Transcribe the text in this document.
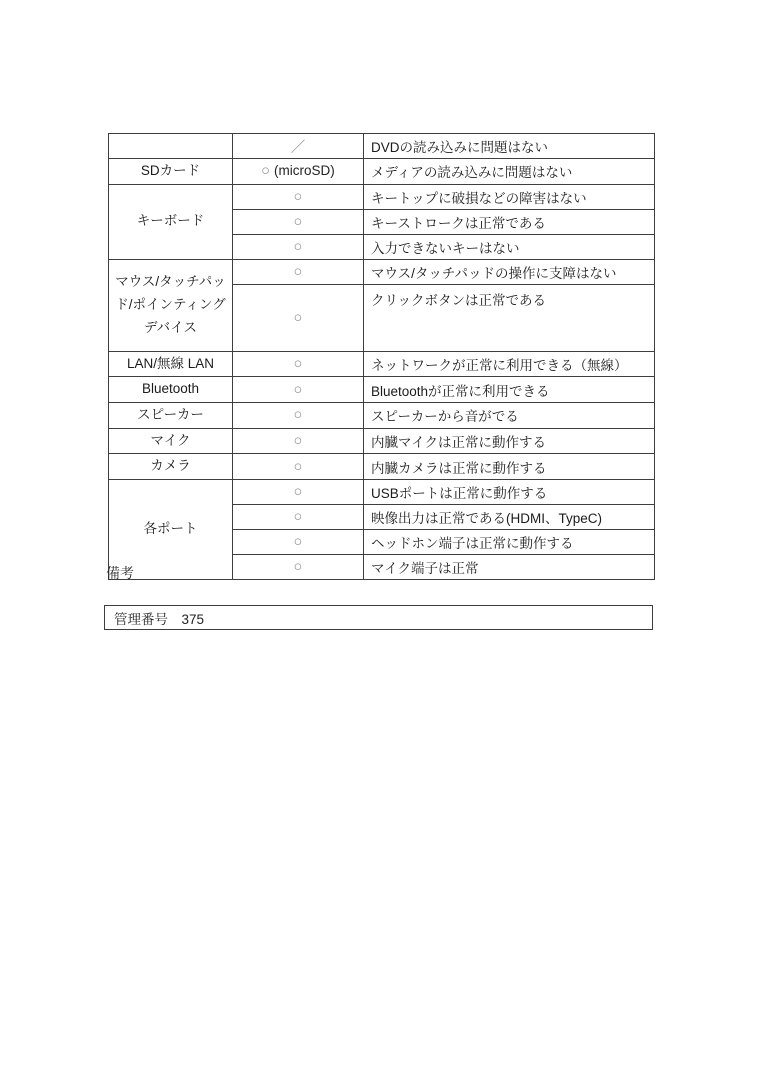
	／	DVDの読み込みに問題はない
SDカード	○ (microSD)	メディアの読み込みに問題はない
キーボード	○	キートップに破損などの障害はない
	○	キーストロークは正常である
	○	入力できないキーはない
マウス/タッチパッド/ポインティングデバイス	○	マウス/タッチパッドの操作に支障はない
	○	クリックボタンは正常である
LAN/無線 LAN	○	ネットワークが正常に利用できる（無線）
Bluetooth	○	Bluetoothが正常に利用できる
スピーカー	○	スピーカーから音がでる
マイク	○	内臓マイクは正常に動作する
カメラ	○	内臓カメラは正常に動作する
各ポート	○	USBポートは正常に動作する
	○	映像出力は正常である(HDMI、TypeC)
	○	ヘッドホン端子は正常に動作する
	○	マイク端子は正常
備考
管理番号　375
